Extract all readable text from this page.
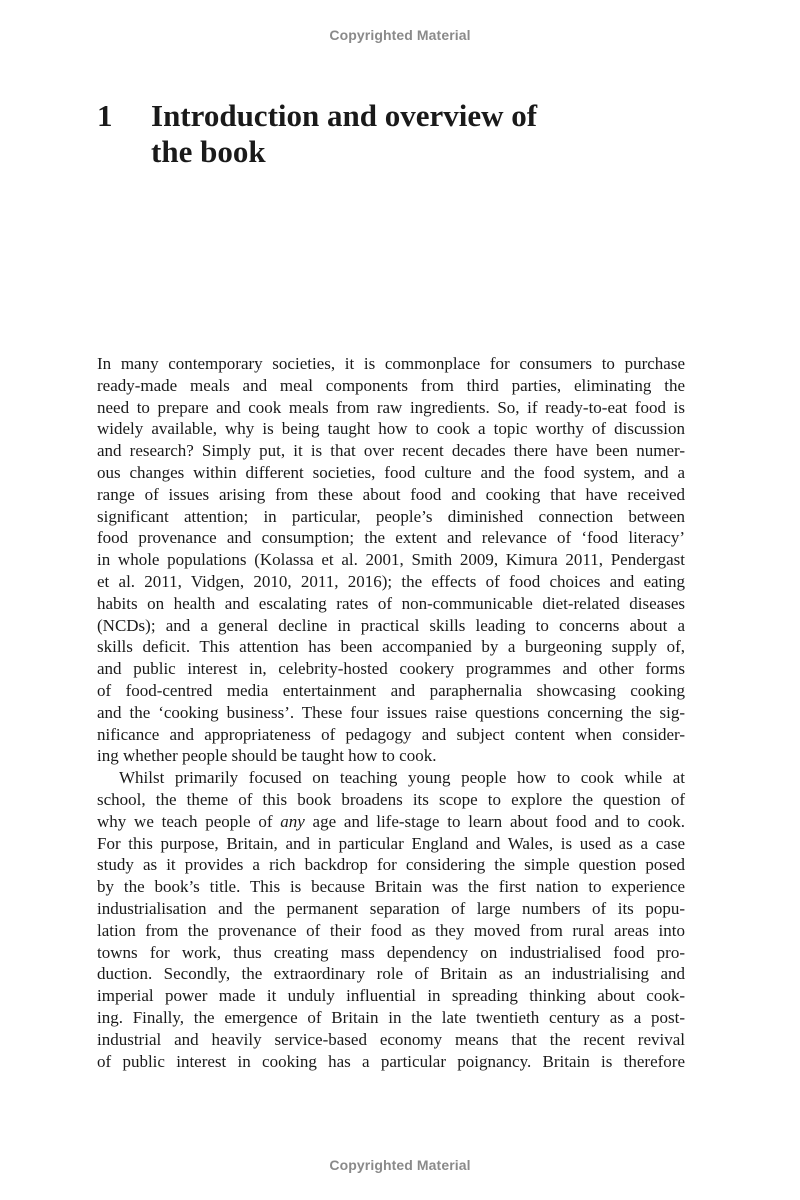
Copyrighted Material
1	Introduction and overview of
the book

In many contemporary societies, it is commonplace for consumers to purchase
ready-made meals and meal components from third parties, eliminating the
need to prepare and cook meals from raw ingredients. So, if ready-to-eat food is
widely available, why is being taught how to cook a topic worthy of discussion
and research? Simply put, it is that over recent decades there have been numer-
ous changes within different societies, food culture and the food system, and a
range of issues arising from these about food and cooking that have received
significant attention; in particular, people’s diminished connection between
food provenance and consumption; the extent and relevance of ‘food literacy’
in whole populations (Kolassa et al. 2001, Smith 2009, Kimura 2011, Pendergast
et al. 2011, Vidgen, 2010, 2011, 2016); the effects of food choices and eating
habits on health and escalating rates of non-communicable diet-related diseases
(NCDs); and a general decline in practical skills leading to concerns about a
skills deficit. This attention has been accompanied by a burgeoning supply of,
and public interest in, celebrity-hosted cookery programmes and other forms
of food-centred media entertainment and paraphernalia showcasing cooking
and the ‘cooking business’. These four issues raise questions concerning the sig-
nificance and appropriateness of pedagogy and subject content when consider-
ing whether people should be taught how to cook.

Whilst primarily focused on teaching young people how to cook while at
school, the theme of this book broadens its scope to explore the question of
why we teach people of any age and life-stage to learn about food and to cook.
For this purpose, Britain, and in particular England and Wales, is used as a case
study as it provides a rich backdrop for considering the simple question posed
by the book’s title. This is because Britain was the first nation to experience
industrialisation and the permanent separation of large numbers of its popu-
lation from the provenance of their food as they moved from rural areas into
towns for work, thus creating mass dependency on industrialised food pro-
duction. Secondly, the extraordinary role of Britain as an industrialising and
imperial power made it unduly influential in spreading thinking about cook-
ing. Finally, the emergence of Britain in the late twentieth century as a post-
industrial and heavily service-based economy means that the recent revival
of public interest in cooking has a particular poignancy. Britain is therefore

Copyrighted Material
